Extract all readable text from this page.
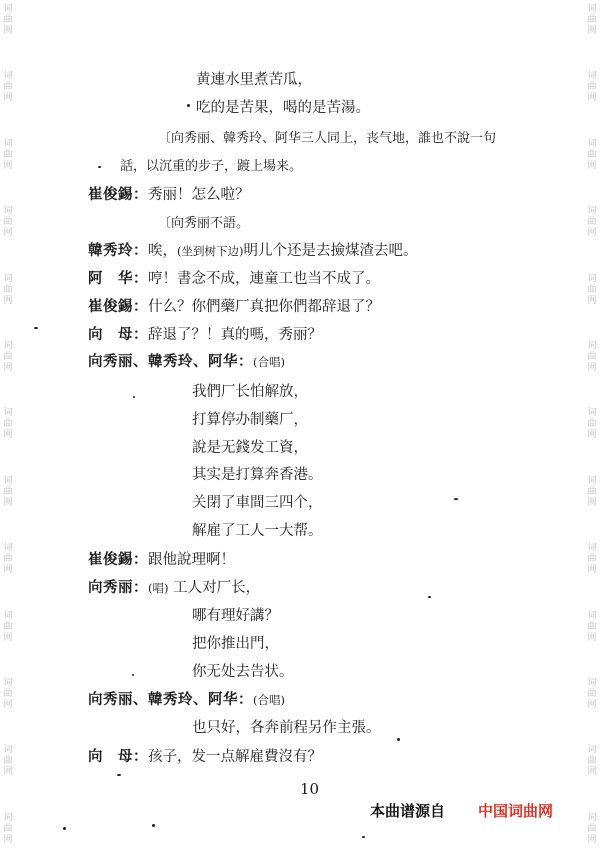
词
曲
网
词
曲
网
词
曲
网
词
曲
网
词
曲
网
词
曲
网
词
曲
网
词
曲
网
词
曲
网
词
曲
网
词
曲
网
词
曲
网
词
曲
网
词
曲
网
词
曲
网
词
曲
网
词
曲
网
词
曲
网
词
曲
网
词
曲
网
词
曲
网
词
曲
网
词
曲
网
词
曲
网
词
曲
网
词
曲
网
黄連水里煮苦瓜，
吃的是苦果，喝的是苦湯。
〔向秀丽、韓秀玲、阿华三人同上，丧气地，誰也不說一句
話，以沉重的步子，踱上場来。
崔俊錫：秀丽！怎么啦？
〔向秀丽不語。
韓秀玲：唉，(坐到树下边)明儿个还是去撿煤渣去吧。
阿　华：哼！書念不成，連童工也当不成了。
崔俊錫：什么？你們藥厂真把你們都辞退了？
向　母：辞退了？！真的嗎，秀丽？
向秀丽、韓秀玲、阿华：(合唱)
我們厂长怕解放，
打算停办制藥厂，
說是无錢发工資，
其实是打算奔香港。
关閉了車間三四个，
解雇了工人一大帮。
崔俊錫：跟他說理啊！
向秀丽：(唱) 工人对厂长，
哪有理好講？
把你推出門，
你无处去告状。
向秀丽、韓秀玲、阿华：(合唱)
也只好，各奔前程另作主張。
向　母：孩子，发一点解雇費沒有？
10
本曲谱源自 中国词曲网
